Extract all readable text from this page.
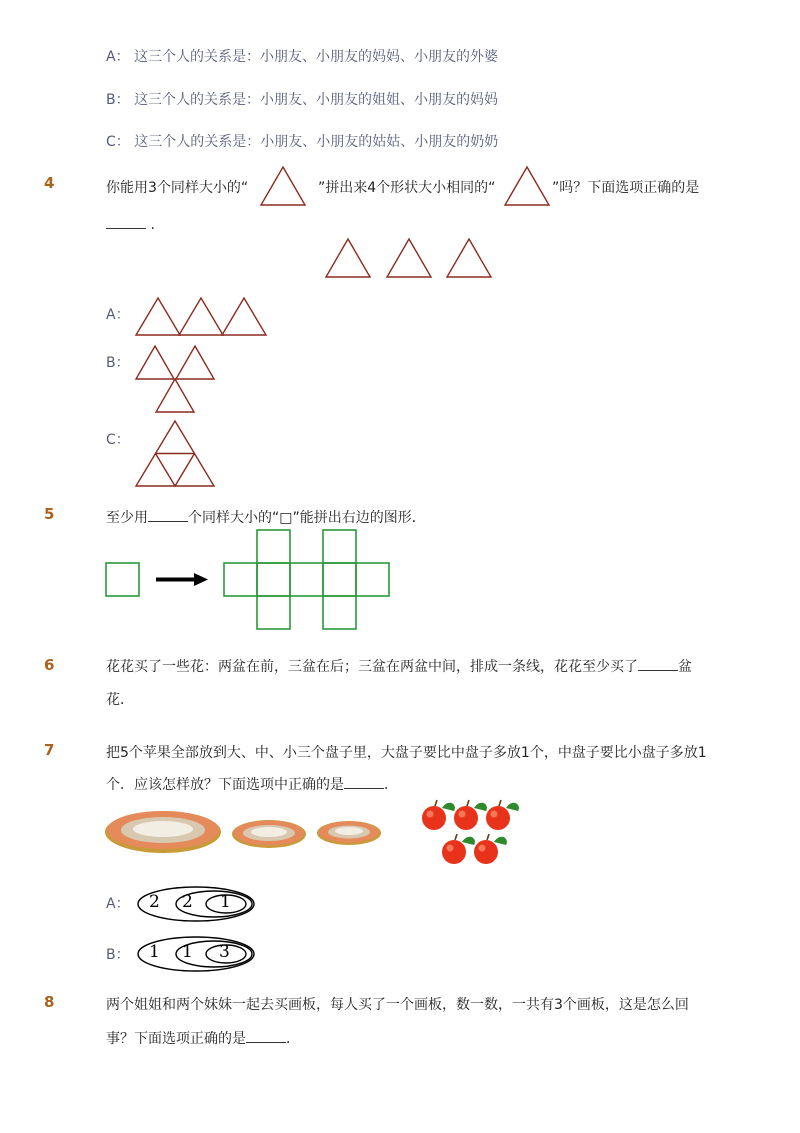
A： 这三个人的关系是：小朋友、小朋友的妈妈、小朋友的外婆
B： 这三个人的关系是：小朋友、小朋友的姐姐、小朋友的妈妈
C： 这三个人的关系是：小朋友、小朋友的姑姑、小朋友的奶奶
4	你能用3个同样大小的“	”拼出来4个形状大小相同的“	”吗？下面选项正确的是
.
A：
B：
C：
5	至少用	个同样大小的“□”能拼出右边的图形．
6	花花买了一些花：两盆在前，三盆在后；三盆在两盆中间，排成一条线，花花至少买了	盆
花．
7	把5个苹果全部放到大、中、小三个盘子里，大盘子要比中盘子多放1个，中盘子要比小盘子多放1
个．应该怎样放？下面选项中正确的是	．
A： 2 2 1
B： 1 1 3
8	两个姐姐和两个妹妹一起去买画板，每人买了一个画板，数一数，一共有3个画板，这是怎么回
事？下面选项正确的是	．
